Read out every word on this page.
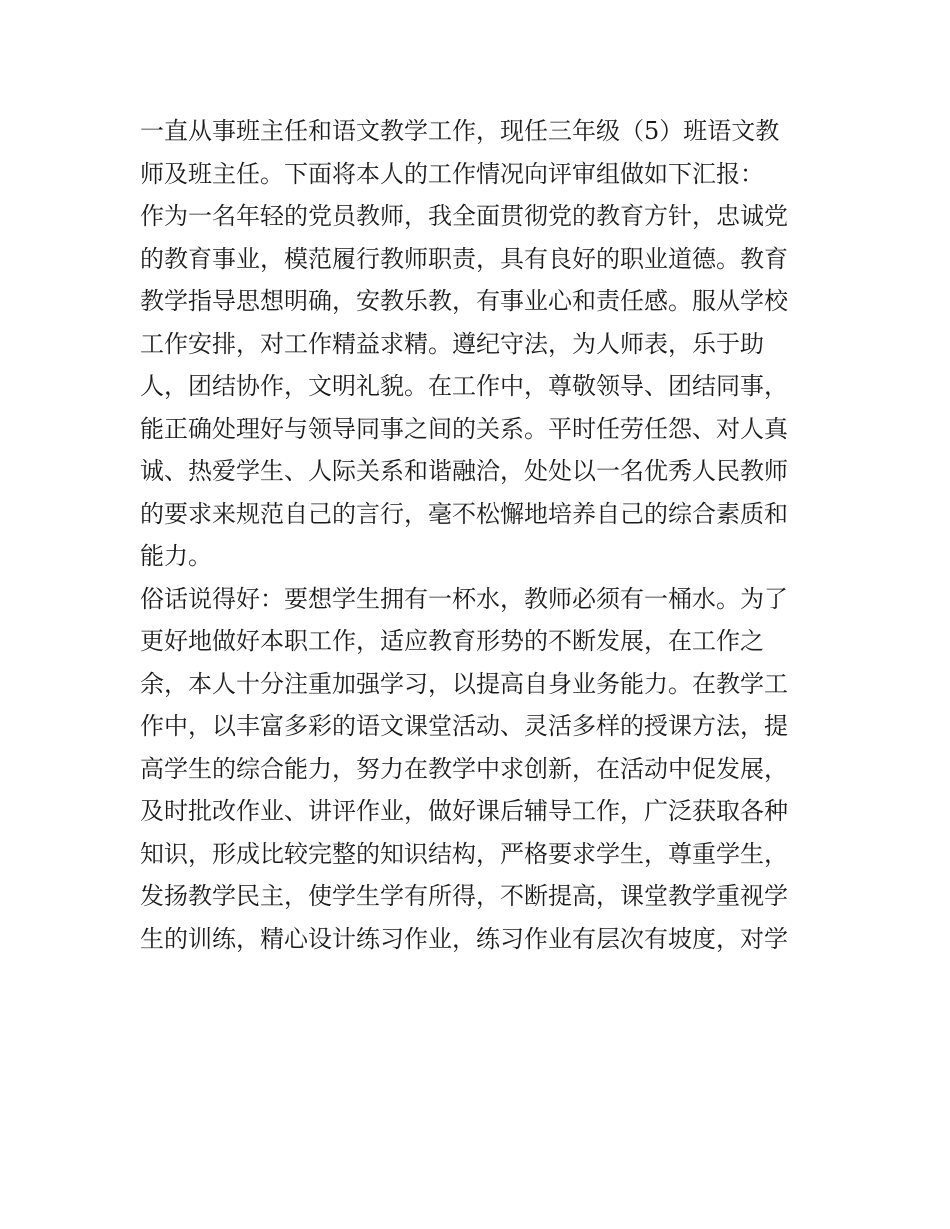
一直从事班主任和语文教学工作，现任三年级（5）班语文教
师及班主任。下面将本人的工作情况向评审组做如下汇报：
作为一名年轻的党员教师，我全面贯彻党的教育方针，忠诚党
的教育事业，模范履行教师职责，具有良好的职业道德。教育
教学指导思想明确，安教乐教，有事业心和责任感。服从学校
工作安排，对工作精益求精。遵纪守法，为人师表，乐于助
人，团结协作，文明礼貌。在工作中，尊敬领导、团结同事，
能正确处理好与领导同事之间的关系。平时任劳任怨、对人真
诚、热爱学生、人际关系和谐融洽，处处以一名优秀人民教师
的要求来规范自己的言行，毫不松懈地培养自己的综合素质和
能力。
俗话说得好：要想学生拥有一杯水，教师必须有一桶水。为了
更好地做好本职工作，适应教育形势的不断发展，在工作之
余，本人十分注重加强学习，以提高自身业务能力。在教学工
作中，以丰富多彩的语文课堂活动、灵活多样的授课方法，提
高学生的综合能力，努力在教学中求创新，在活动中促发展，
及时批改作业、讲评作业，做好课后辅导工作，广泛获取各种
知识，形成比较完整的知识结构，严格要求学生，尊重学生，
发扬教学民主，使学生学有所得，不断提高，课堂教学重视学
生的训练，精心设计练习作业，练习作业有层次有坡度，对学
